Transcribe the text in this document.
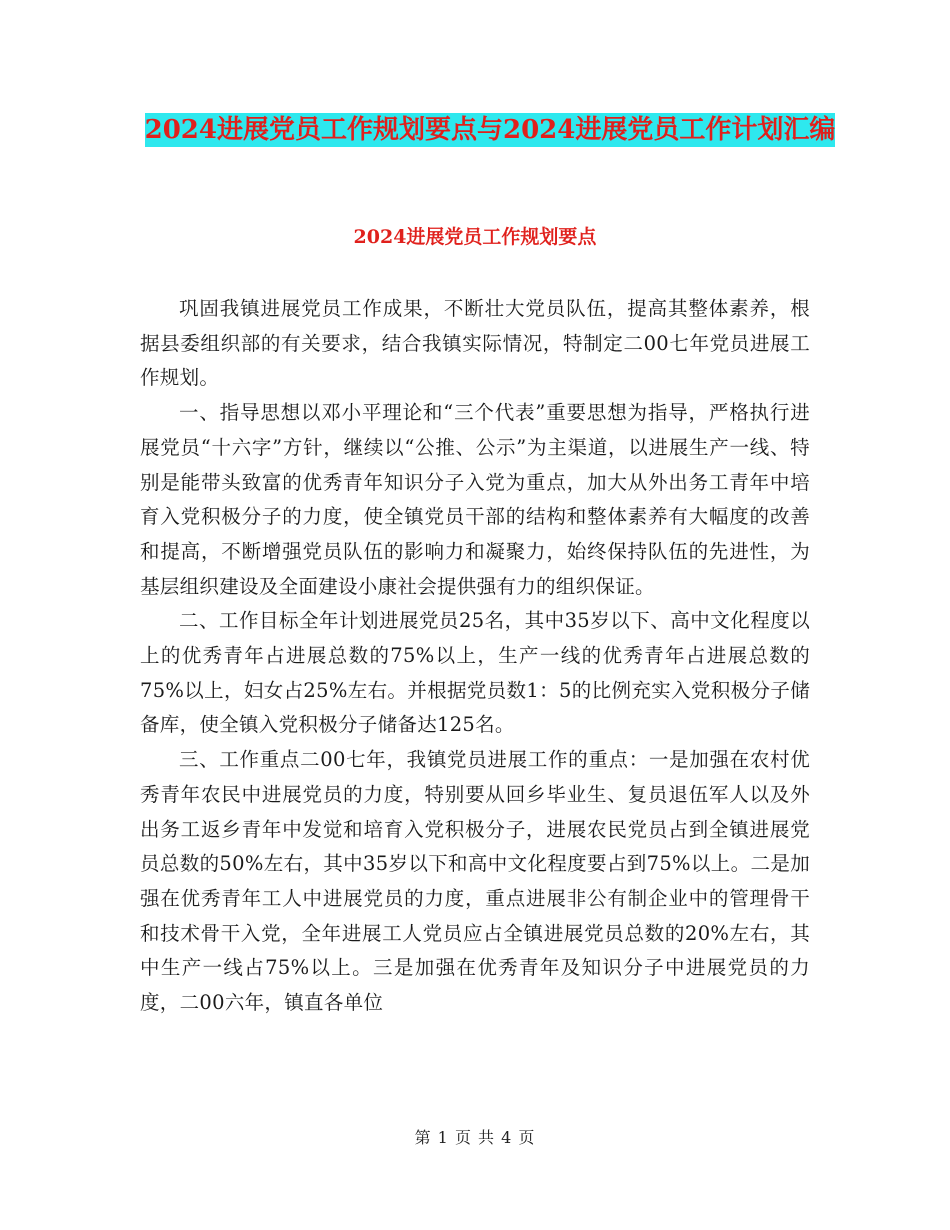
2024进展党员工作规划要点与2024进展党员工作计划汇编
2024进展党员工作规划要点

巩固我镇进展党员工作成果，不断壮大党员队伍，提高其整体素养，根据县委组织部的有关要求，结合我镇实际情况，特制定二00七年党员进展工作规划。

一、指导思想以邓小平理论和“三个代表”重要思想为指导，严格执行进展党员“十六字”方针，继续以“公推、公示”为主渠道，以进展生产一线、特别是能带头致富的优秀青年知识分子入党为重点，加大从外出务工青年中培育入党积极分子的力度，使全镇党员干部的结构和整体素养有大幅度的改善和提高，不断增强党员队伍的影响力和凝聚力，始终保持队伍的先进性，为基层组织建设及全面建设小康社会提供强有力的组织保证。

二、工作目标全年计划进展党员25名，其中35岁以下、高中文化程度以上的优秀青年占进展总数的75%以上，生产一线的优秀青年占进展总数的75%以上，妇女占25%左右。并根据党员数1：5的比例充实入党积极分子储备库，使全镇入党积极分子储备达125名。

三、工作重点二00七年，我镇党员进展工作的重点：一是加强在农村优秀青年农民中进展党员的力度，特别要从回乡毕业生、复员退伍军人以及外出务工返乡青年中发觉和培育入党积极分子，进展农民党员占到全镇进展党员总数的50%左右，其中35岁以下和高中文化程度要占到75%以上。二是加强在优秀青年工人中进展党员的力度，重点进展非公有制企业中的管理骨干和技术骨干入党，全年进展工人党员应占全镇进展党员总数的20%左右，其中生产一线占75%以上。三是加强在优秀青年及知识分子中进展党员的力度，二00六年，镇直各单位

第 1 页 共 4 页
